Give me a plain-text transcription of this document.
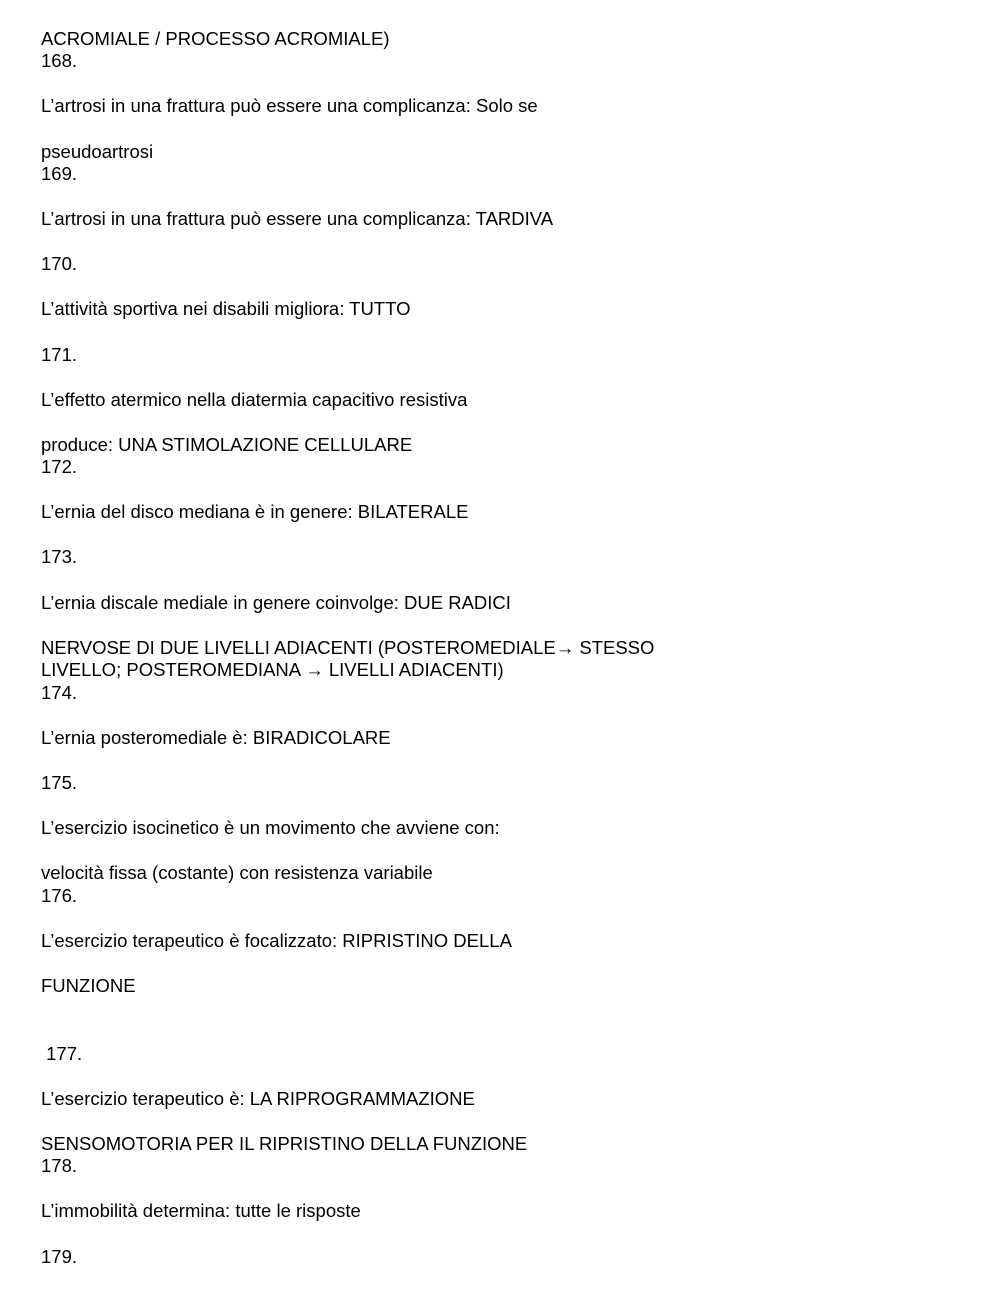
ACROMIALE / PROCESSO ACROMIALE)
168.
L’artrosi in una frattura può essere una complicanza: Solo se
pseudoartrosi
169.
L’artrosi in una frattura può essere una complicanza: TARDIVA
170.
L’attività sportiva nei disabili migliora: TUTTO
171.
L’effetto atermico nella diatermia capacitivo resistiva
produce: UNA STIMOLAZIONE CELLULARE
172.
L’ernia del disco mediana è in genere: BILATERALE
173.
L’ernia discale mediale in genere coinvolge: DUE RADICI
NERVOSE DI DUE LIVELLI ADIACENTI (POSTEROMEDIALE→ STESSO
LIVELLO; POSTEROMEDIANA → LIVELLI ADIACENTI)
174.
L’ernia posteromediale è: BIRADICOLARE
175.
L’esercizio isocinetico è un movimento che avviene con:
velocità fissa (costante) con resistenza variabile
176.
L’esercizio terapeutico è focalizzato: RIPRISTINO DELLA
FUNZIONE
177.
L’esercizio terapeutico è: LA RIPROGRAMMAZIONE
SENSOMOTORIA PER IL RIPRISTINO DELLA FUNZIONE
178.
L’immobilità determina: tutte le risposte
179.
